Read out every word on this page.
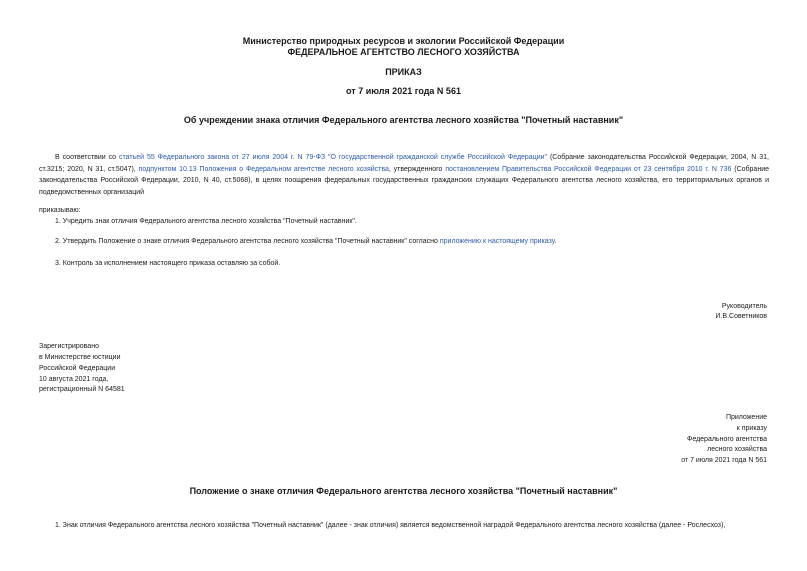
Министерство природных ресурсов и экологии Российской Федерации
ФЕДЕРАЛЬНОЕ АГЕНТСТВО ЛЕСНОГО ХОЗЯЙСТВА
ПРИКАЗ
от 7 июля 2021 года N 561
Об учреждении знака отличия Федерального агентства лесного хозяйства "Почетный наставник"
В соответствии со статьей 55 Федерального закона от 27 июля 2004 г. N 79-ФЗ "О государственной гражданской службе Российской Федерации" (Собрание законодательства Российской Федерации, 2004, N 31, ст.3215; 2020, N 31, ст.5047), подпунктом 10.13 Положения о Федеральном агентстве лесного хозяйства, утвержденного постановлением Правительства Российской Федерации от 23 сентября 2010 г. N 736 (Собрание законодательства Российской Федерации, 2010, N 40, ст.5068), в целях поощрения федеральных государственных гражданских служащих Федерального агентства лесного хозяйства, его территориальных органов и подведомственных организаций
приказываю:
1. Учредить знак отличия Федерального агентства лесного хозяйства "Почетный наставник".
2. Утвердить Положение о знаке отличия Федерального агентства лесного хозяйства "Почетный наставник" согласно приложению к настоящему приказу.
3. Контроль за исполнением настоящего приказа оставляю за собой.
Руководитель
И.В.Советников
Зарегистрировано
в Министерстве юстиции
Российской Федерации
10 августа 2021 года,
регистрационный N 64581
Приложение
к приказу
Федерального агентства
лесного хозяйства
от 7 июля 2021 года N 561
Положение о знаке отличия Федерального агентства лесного хозяйства "Почетный наставник"
1. Знак отличия Федерального агентства лесного хозяйства "Почетный наставник" (далее - знак отличия) является ведомственной наградой Федерального агентства лесного хозяйства (далее - Рослесхоз),
